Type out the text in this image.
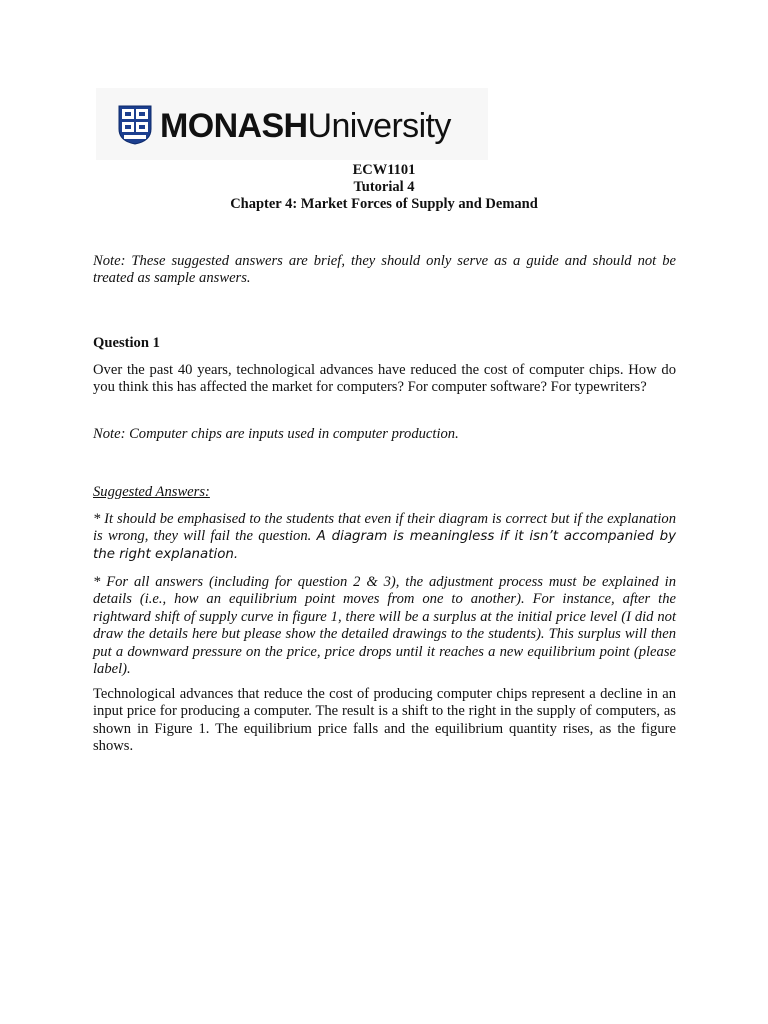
MONASHUniversity
ECW1101
Tutorial 4
Chapter 4: Market Forces of Supply and Demand
Note: These suggested answers are brief, they should only serve as a guide and should not be treated as sample answers.
Question 1
Over the past 40 years, technological advances have reduced the cost of computer chips. How do you think this has affected the market for computers? For computer software? For typewriters?
Note: Computer chips are inputs used in computer production.
Suggested Answers:
* It should be emphasised to the students that even if their diagram is correct but if the explanation is wrong, they will fail the question. A diagram is meaningless if it isn’t accompanied by the right explanation.
* For all answers (including for question 2 & 3), the adjustment process must be explained in details (i.e., how an equilibrium point moves from one to another). For instance, after the rightward shift of supply curve in figure 1, there will be a surplus at the initial price level (I did not draw the details here but please show the detailed drawings to the students). This surplus will then put a downward pressure on the price, price drops until it reaches a new equilibrium point (please label).
Technological advances that reduce the cost of producing computer chips represent a decline in an input price for producing a computer. The result is a shift to the right in the supply of computers, as shown in Figure 1. The equilibrium price falls and the equilibrium quantity rises, as the figure shows.
